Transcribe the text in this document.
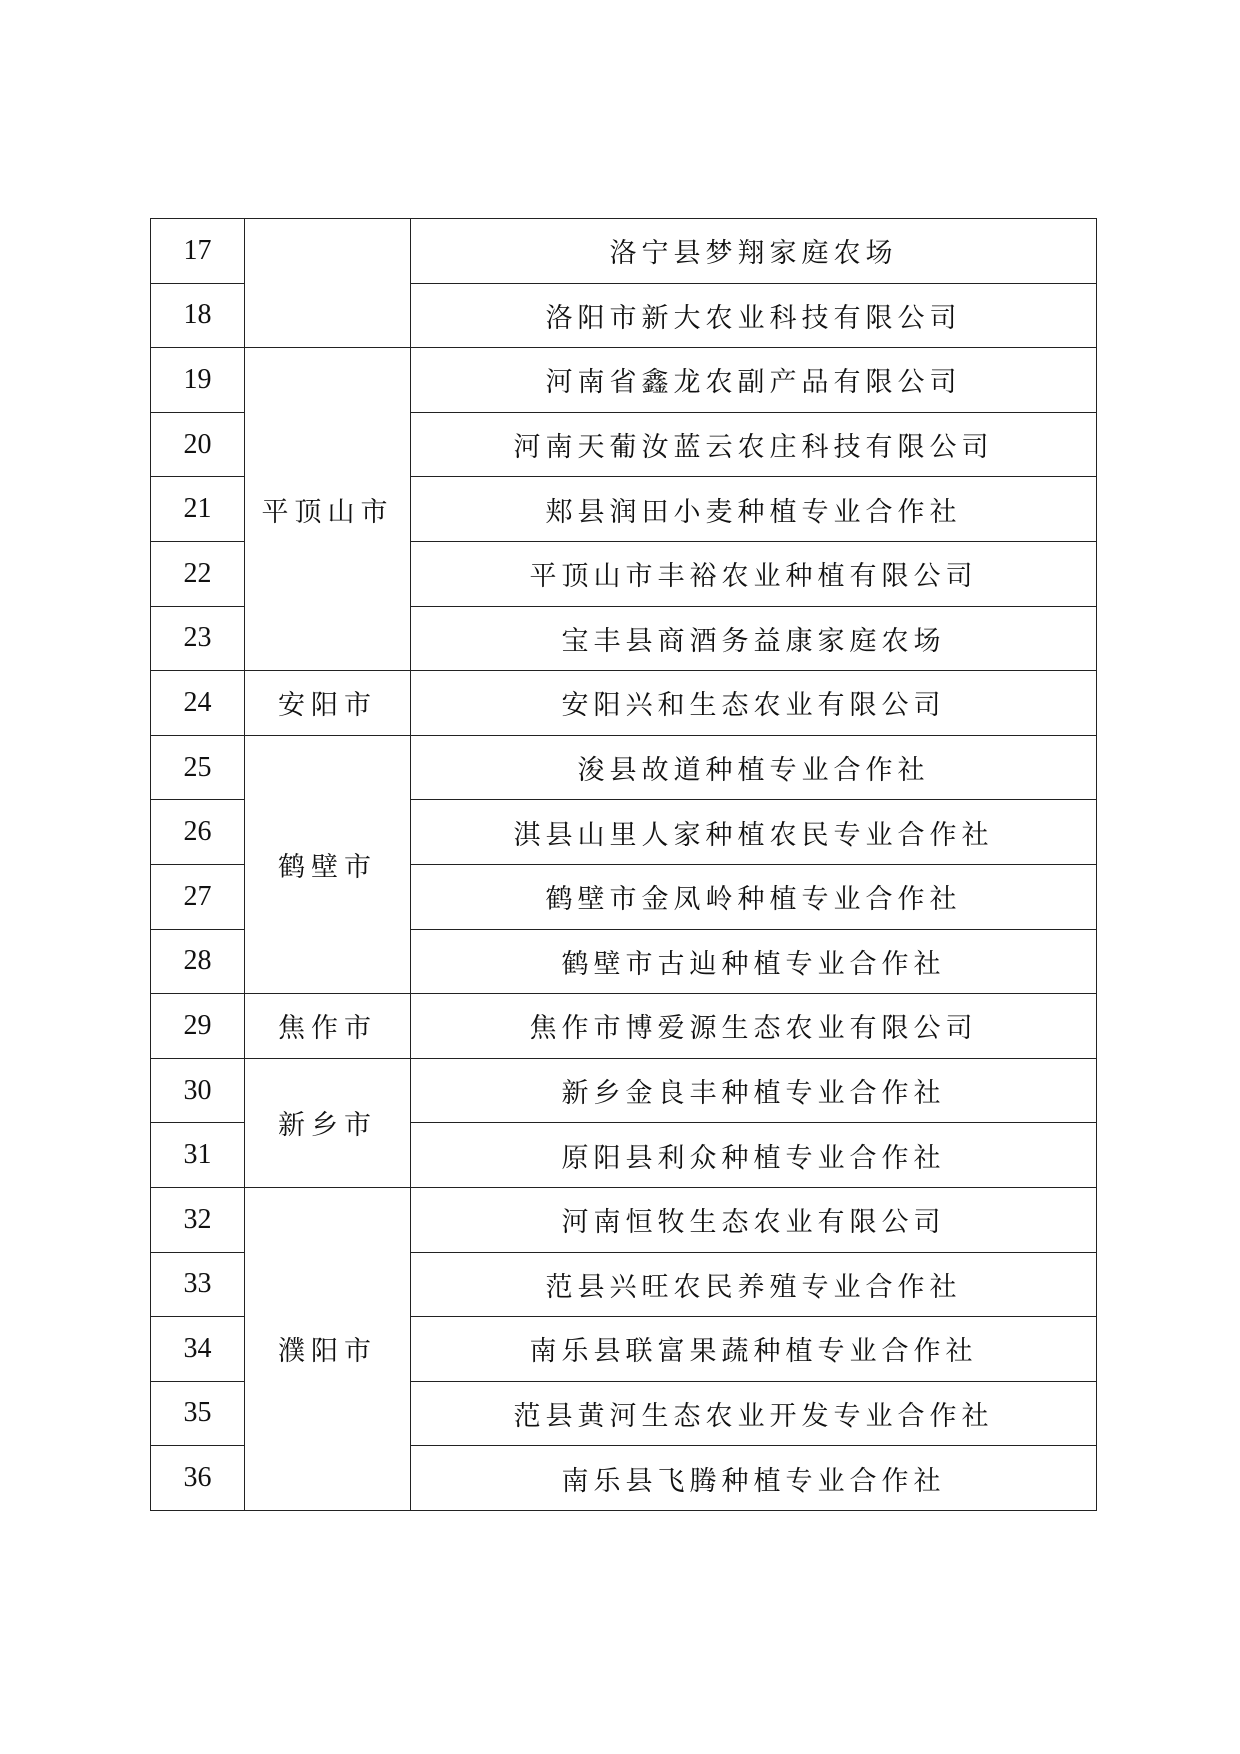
17		洛宁县梦翔家庭农场
18		洛阳市新大农业科技有限公司
19	平顶山市	河南省鑫龙农副产品有限公司
20		河南天葡汝蓝云农庄科技有限公司
21		郏县润田小麦种植专业合作社
22		平顶山市丰裕农业种植有限公司
23		宝丰县商酒务益康家庭农场
24	安阳市	安阳兴和生态农业有限公司
25	鹤壁市	浚县故道种植专业合作社
26		淇县山里人家种植农民专业合作社
27		鹤壁市金凤岭种植专业合作社
28		鹤壁市古辿种植专业合作社
29	焦作市	焦作市博爱源生态农业有限公司
30	新乡市	新乡金良丰种植专业合作社
31		原阳县利众种植专业合作社
32	濮阳市	河南恒牧生态农业有限公司
33		范县兴旺农民养殖专业合作社
34		南乐县联富果蔬种植专业合作社
35		范县黄河生态农业开发专业合作社
36		南乐县飞腾种植专业合作社
